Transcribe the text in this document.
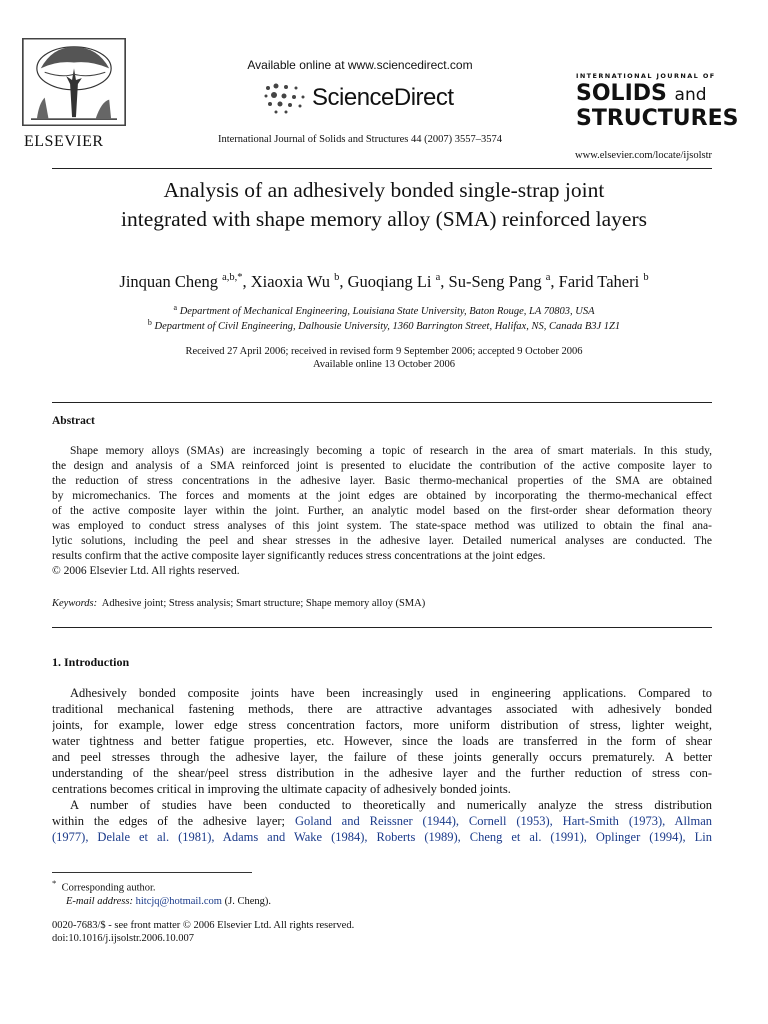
ELSEVIER
Available online at www.sciencedirect.com
ScienceDirect
International Journal of Solids and Structures 44 (2007) 3557–3574
INTERNATIONAL JOURNAL OF
SOLIDS and
STRUCTURES
www.elsevier.com/locate/ijsolstr
Analysis of an adhesively bonded single-strap joint
integrated with shape memory alloy (SMA) reinforced layers
Jinquan Cheng $^{a,b,*}$, Xiaoxia Wu $^b$, Guoqiang Li $^a$, Su-Seng Pang $^a$, Farid Taheri $^b$
$^a$ Department of Mechanical Engineering, Louisiana State University, Baton Rouge, LA 70803, USA
$^b$ Department of Civil Engineering, Dalhousie University, 1360 Barrington Street, Halifax, NS, Canada B3J 1Z1
Received 27 April 2006; received in revised form 9 September 2006; accepted 9 October 2006
Available online 13 October 2006
Abstract
Shape memory alloys (SMAs) are increasingly becoming a topic of research in the area of smart materials. In this study,
the design and analysis of a SMA reinforced joint is presented to elucidate the contribution of the active composite layer to
the reduction of stress concentrations in the adhesive layer. Basic thermo-mechanical properties of the SMA are obtained
by micromechanics. The forces and moments at the joint edges are obtained by incorporating the thermo-mechanical effect
of the active composite layer within the joint. Further, an analytic model based on the first-order shear deformation theory
was employed to conduct stress analyses of this joint system. The state-space method was utilized to obtain the final ana-
lytic solutions, including the peel and shear stresses in the adhesive layer. Detailed numerical analyses are conducted. The
results confirm that the active composite layer significantly reduces stress concentrations at the joint edges.
© 2006 Elsevier Ltd. All rights reserved.
Keywords: Adhesive joint; Stress analysis; Smart structure; Shape memory alloy (SMA)
1. Introduction
Adhesively bonded composite joints have been increasingly used in engineering applications. Compared to
traditional mechanical fastening methods, there are attractive advantages associated with adhesively bonded
joints, for example, lower edge stress concentration factors, more uniform distribution of stress, lighter weight,
water tightness and better fatigue properties, etc. However, since the loads are transferred in the form of shear
and peel stresses through the adhesive layer, the failure of these joints generally occurs prematurely. A better
understanding of the shear/peel stress distribution in the adhesive layer and the further reduction of stress con-
centrations becomes critical in improving the ultimate capacity of adhesively bonded joints.
A number of studies have been conducted to theoretically and numerically analyze the stress distribution
within the edges of the adhesive layer; Goland and Reissner (1944), Cornell (1953), Hart-Smith (1973), Allman
(1977), Delale et al. (1981), Adams and Wake (1984), Roberts (1989), Cheng et al. (1991), Oplinger (1994), Lin
* Corresponding author.
E-mail address: hitcjq@hotmail.com (J. Cheng).
0020-7683/$ - see front matter © 2006 Elsevier Ltd. All rights reserved.
doi:10.1016/j.ijsolstr.2006.10.007
